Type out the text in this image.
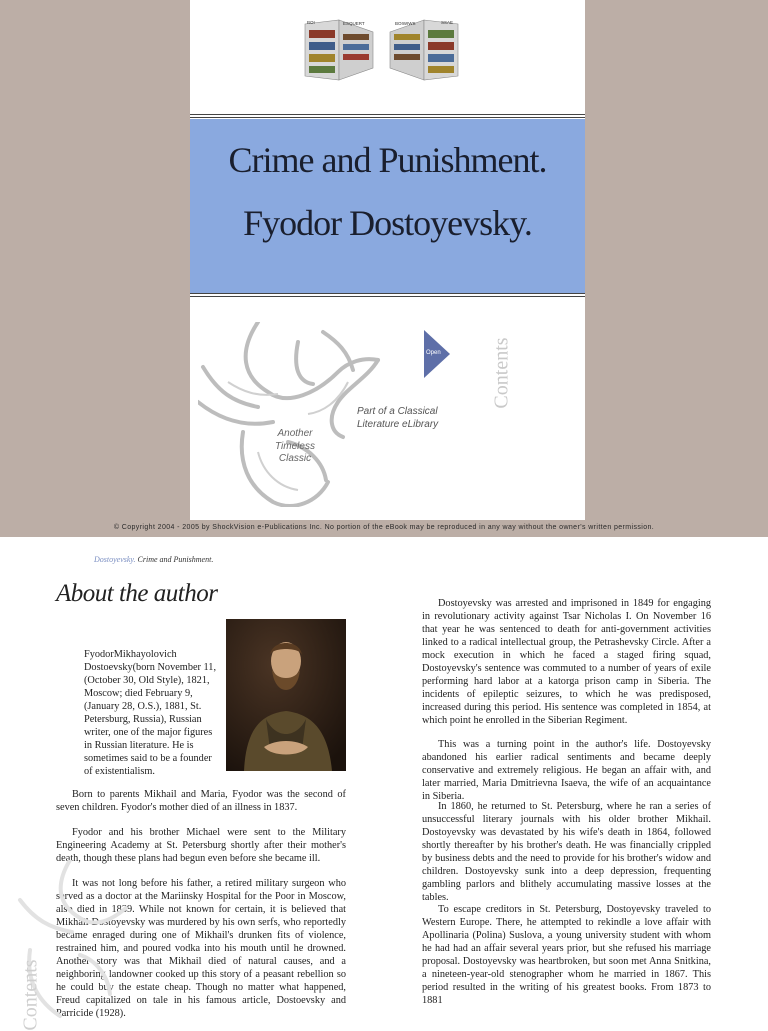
BOI	ESQUERT	BOIWIWS	SSAE
Crime and Punishment.
Fyodor Dostoyevsky.
Another
Timeless
Classic
Part of a Classical
Literature eLibrary
Open Contents
© Copyright 2004 - 2005 by ShockVision e-Publications Inc. No portion of the eBook may be reproduced in any way without the owner's written permission.
Dostoyevsky. Crime and Punishment.
About the author

FyodorMikhayolovich Dostoevsky(born November 11, (October 30, Old Style), 1821, Moscow; died February 9, (January 28, O.S.), 1881, St. Petersburg, Russia), Russian writer, one of the major figures in Russian literature. He is sometimes said to be a founder of existentialism.

Born to parents Mikhail and Maria, Fyodor was the second of seven children. Fyodor's mother died of an illness in 1837.

Fyodor and his brother Michael were sent to the Military Engineering Academy at St. Petersburg shortly after their mother's death, though these plans had begun even before she became ill.

It was not long before his father, a retired military surgeon who served as a doctor at the Mariinsky Hospital for the Poor in Moscow, also died in 1839. While not known for certain, it is believed that Mikhail Dostoyevsky was murdered by his own serfs, who reportedly became enraged during one of Mikhail's drunken fits of violence, restrained him, and poured vodka into his mouth until he drowned. Another story was that Mikhail died of natural causes, and a neighboring landowner cooked up this story of a peasant rebellion so he could buy the estate cheap. Though no matter what happened, Freud capitalized on tale in his famous article, Dostoevsky and Parricide (1928).

Dostoyevsky was arrested and imprisoned in 1849 for engaging in revolutionary activity against Tsar Nicholas I. On November 16 that year he was sentenced to death for anti-government activities linked to a radical intellectual group, the Petrashevsky Circle. After a mock execution in which he faced a staged firing squad, Dostoyevsky's sentence was commuted to a number of years of exile performing hard labor at a katorga prison camp in Siberia. The incidents of epileptic seizures, to which he was predisposed, increased during this period. His sentence was completed in 1854, at which point he enrolled in the Siberian Regiment.

This was a turning point in the author's life. Dostoyevsky abandoned his earlier radical sentiments and became deeply conservative and extremely religious. He began an affair with, and later married, Maria Dmitrievna Isaeva, the wife of an acquaintance in Siberia.

In 1860, he returned to St. Petersburg, where he ran a series of unsuccessful literary journals with his older brother Mikhail. Dostoyevsky was devastated by his wife's death in 1864, followed shortly thereafter by his brother's death. He was financially crippled by business debts and the need to provide for his brother's widow and children. Dostoyevsky sunk into a deep depression, frequenting gambling parlors and blithely accumulating massive losses at the tables.

To escape creditors in St. Petersburg, Dostoyevsky traveled to Western Europe. There, he attempted to rekindle a love affair with Apollinaria (Polina) Suslova, a young university student with whom he had had an affair several years prior, but she refused his marriage proposal. Dostoyevsky was heartbroken, but soon met Anna Snitkina, a nineteen-year-old stenographer whom he married in 1867. This period resulted in the writing of his greatest books. From 1873 to 1881

Contents
